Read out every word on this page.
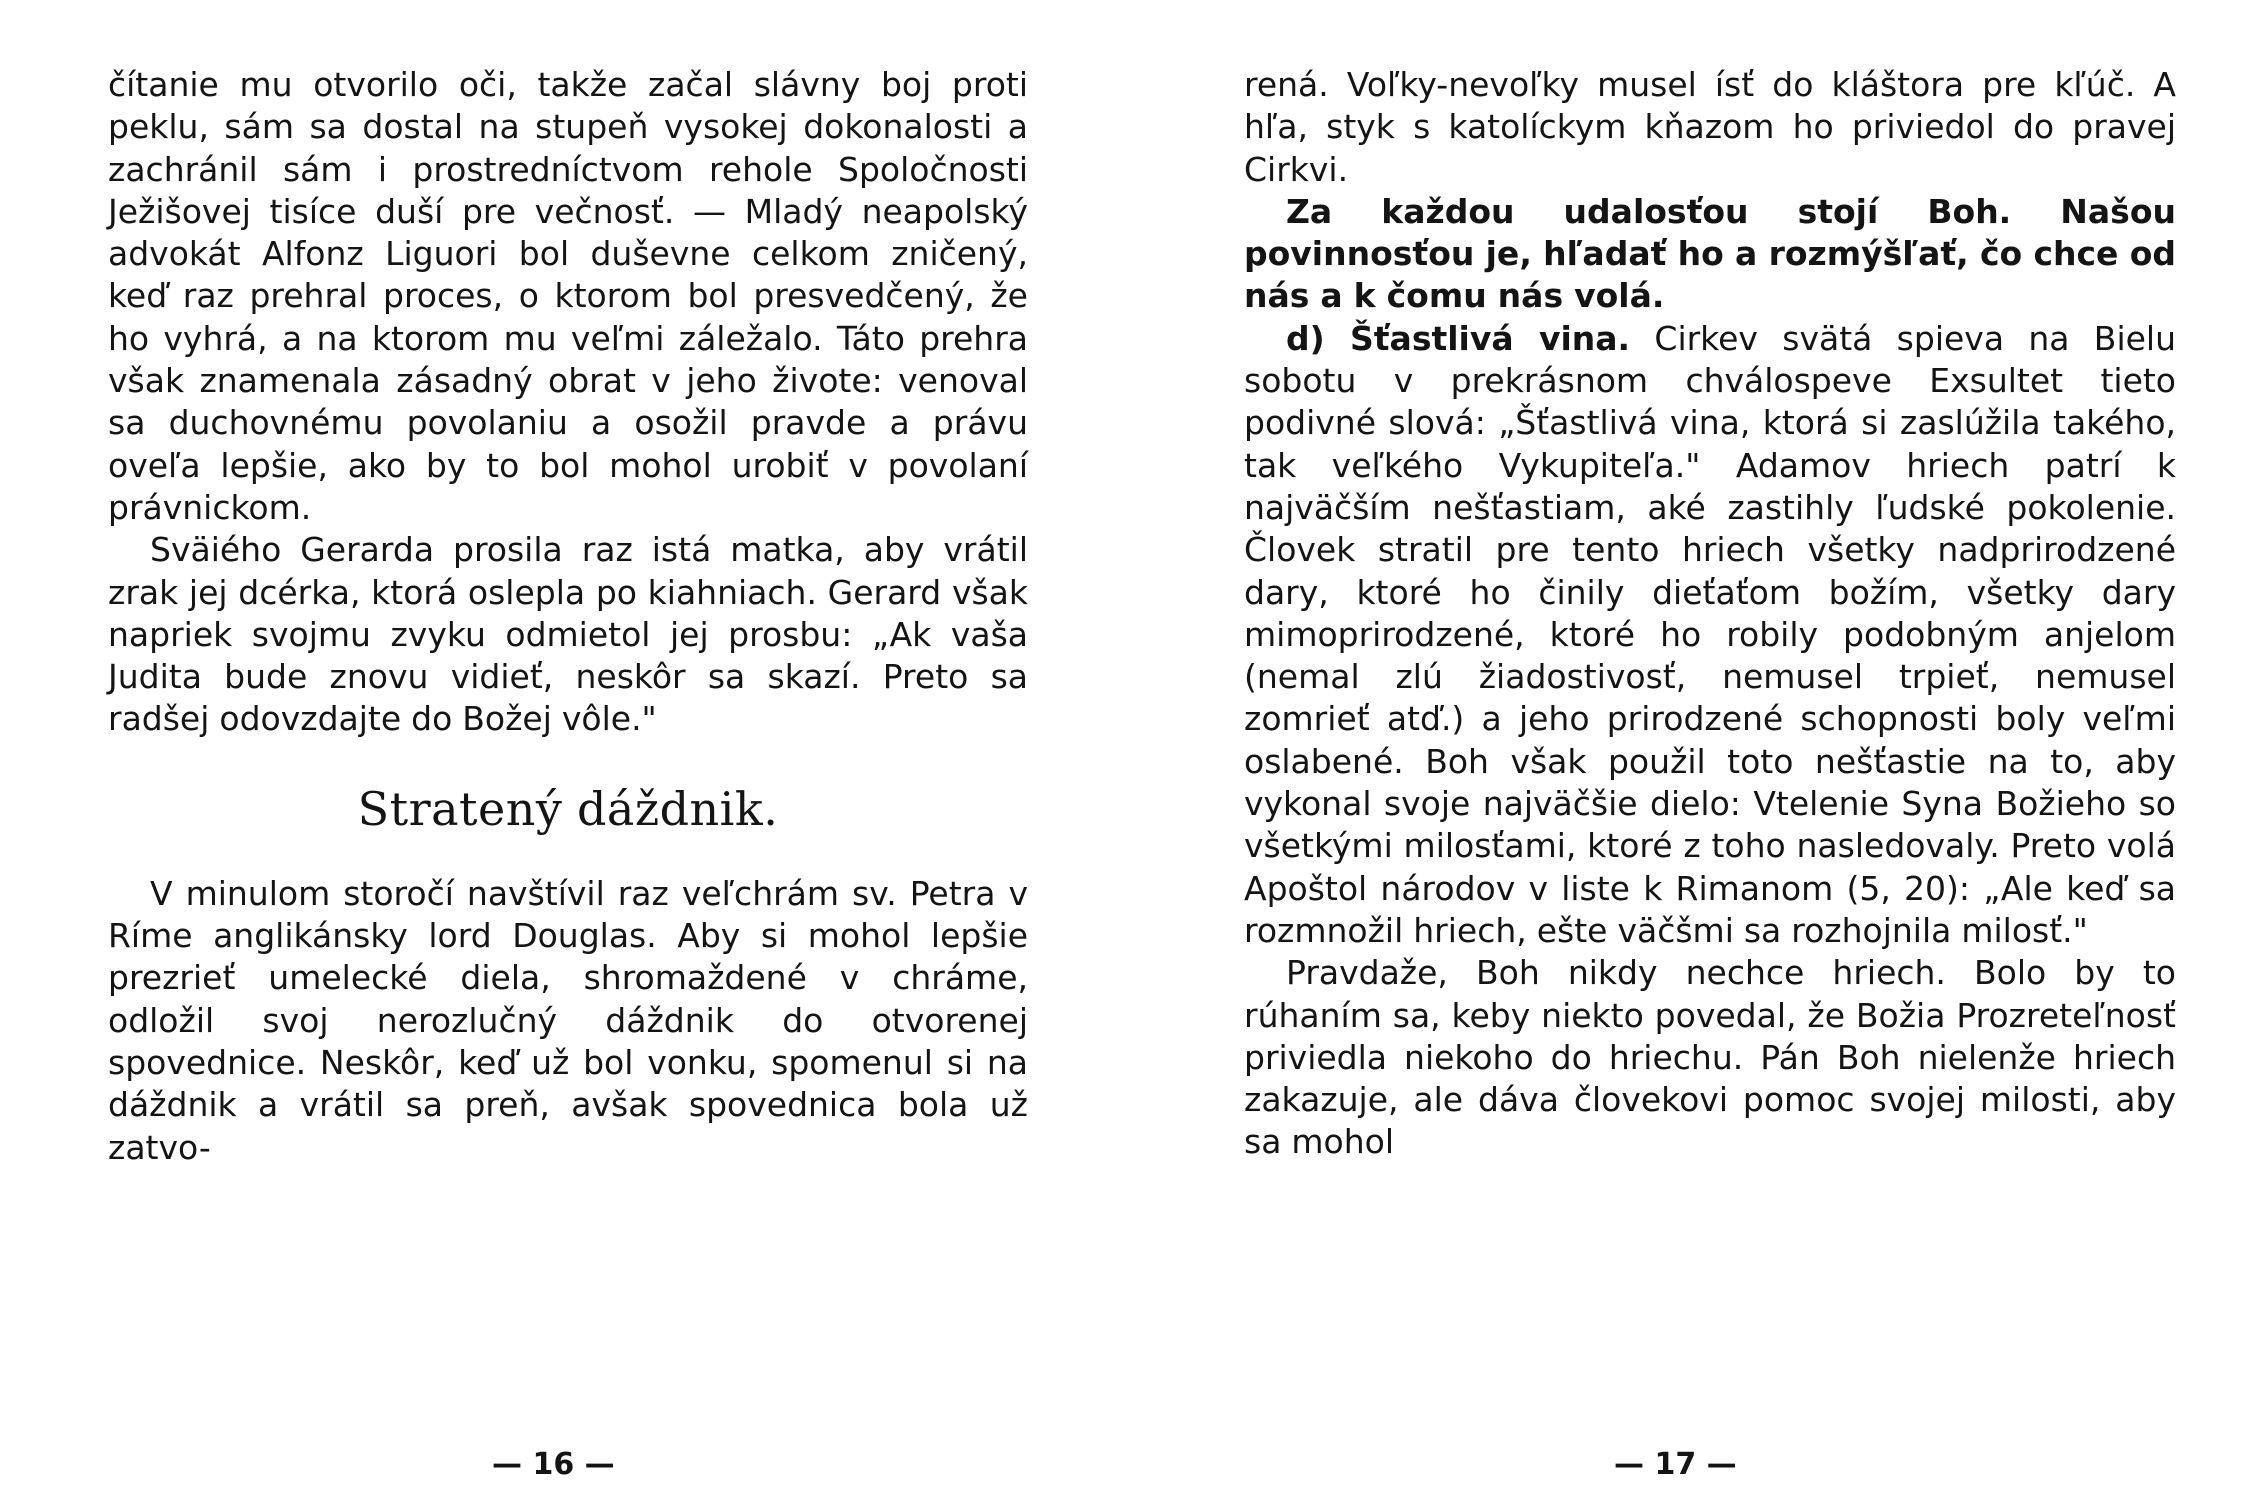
čítanie mu otvorilo oči, takže začal slávny boj proti peklu, sám sa dostal na stupeň vysokej dokonalosti a zachránil sám i prostredníctvom rehole Spoločnosti Ježišovej tisíce duší pre večnosť. — Mladý neapolský advokát Alfonz Liguori bol duševne celkom zničený, keď raz prehral proces, o ktorom bol presvedčený, že ho vyhrá, a na ktorom mu veľmi záležalo. Táto prehra však znamenala zásadný obrat v jeho živote: venoval sa duchovnému povolaniu a osožil pravde a právu oveľa lepšie, ako by to bol mohol urobiť v povolaní právnickom.

Sväiého Gerarda prosila raz istá matka, aby vrátil zrak jej dcérka, ktorá oslepla po kiahniach. Gerard však napriek svojmu zvyku odmietol jej prosbu: „Ak vaša Judita bude znovu vidieť, neskôr sa skazí. Preto sa radšej odovzdajte do Božej vôle."

Stratený dáždnik.

V minulom storočí navštívil raz veľchrám sv. Petra v Ríme anglikánsky lord Douglas. Aby si mohol lepšie prezrieť umelecké diela, shromaždené v chráme, odložil svoj nerozlučný dáždnik do otvorenej spovednice. Neskôr, keď už bol vonku, spomenul si na dáždnik a vrátil sa preň, avšak spovednica bola už zatvo-

— 16 —

rená. Voľky-nevoľky musel ísť do kláštora pre kľúč. A hľa, styk s katolíckym kňazom ho priviedol do pravej Cirkvi.

Za každou udalosťou stojí Boh. Našou povinnosťou je, hľadať ho a rozmýšľať, čo chce od nás a k čomu nás volá.

d) Šťastlivá vina. Cirkev svätá spieva na Bielu sobotu v prekrásnom chválospeve Exsultet tieto podivné slová: „Šťastlivá vina, ktorá si zaslúžila takého, tak veľkého Vykupiteľa." Adamov hriech patrí k najväčším nešťastiam, aké zastihly ľudské pokolenie. Človek stratil pre tento hriech všetky nadprirodzené dary, ktoré ho činily dieťaťom božím, všetky dary mimoprirodzené, ktoré ho robily podobným anjelom (nemal zlú žiadostivosť, nemusel trpieť, nemusel zomrieť atď.) a jeho prirodzené schopnosti boly veľmi oslabené. Boh však použil toto nešťastie na to, aby vykonal svoje najväčšie dielo: Vtelenie Syna Božieho so všetkými milosťami, ktoré z toho nasledovaly. Preto volá Apoštol národov v liste k Rimanom (5, 20): „Ale keď sa rozmnožil hriech, ešte väčšmi sa rozhojnila milosť."

Pravdaže, Boh nikdy nechce hriech. Bolo by to rúhaním sa, keby niekto povedal, že Božia Prozreteľnosť priviedla niekoho do hriechu. Pán Boh nielenže hriech zakazuje, ale dáva človekovi pomoc svojej milosti, aby sa mohol

— 17 —
